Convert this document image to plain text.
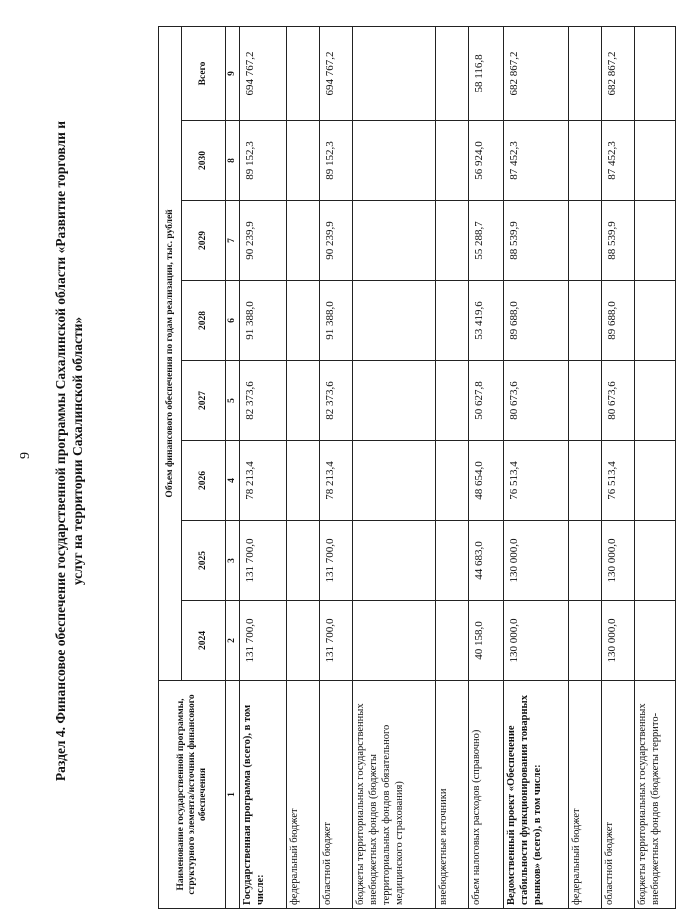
9 Раздел 4. Финансовое обеспечение государственной программы Сахалинской области «Развитие торговли и услуг на территории Сахалинской области»
Наименование государственной программы, структурного элемента/источник финансового обеспечения	Объем финансового обеспечения по годам реализации, тыс. рублей							
	2024	2025	2026	2027	2028	2029	2030	Всего
1	2	3	4	5	6	7	8	9
Государственная программа (всего), в том числе:	131 700,0	131 700,0	78 213,4	82 373,6	91 388,0	90 239,9	89 152,3	694 767,2
федеральный бюджет								
областной бюджет	131 700,0	131 700,0	78 213,4	82 373,6	91 388,0	90 239,9	89 152,3	694 767,2
бюджеты территориальных государственных внебюджетных фондов (бюджеты территориальных фондов обязательного медицинского страхования)								
внебюджетные источники								
объем налоговых расходов (справочно)	40 158,0	44 683,0	48 654,0	50 627,8	53 419,6	55 288,7	56 924,0	58 116,8
Ведомственный проект «Обеспечение стабильности функционирования товарных рынков» (всего), в том числе:	130 000,0	130 000,0	76 513,4	80 673,6	89 688,0	88 539,9	87 452,3	682 867,2
федеральный бюджет								
областной бюджет	130 000,0	130 000,0	76 513,4	80 673,6	89 688,0	88 539,9	87 452,3	682 867,2
бюджеты территориальных государственных внебюджетных фондов (бюджеты террито-								
